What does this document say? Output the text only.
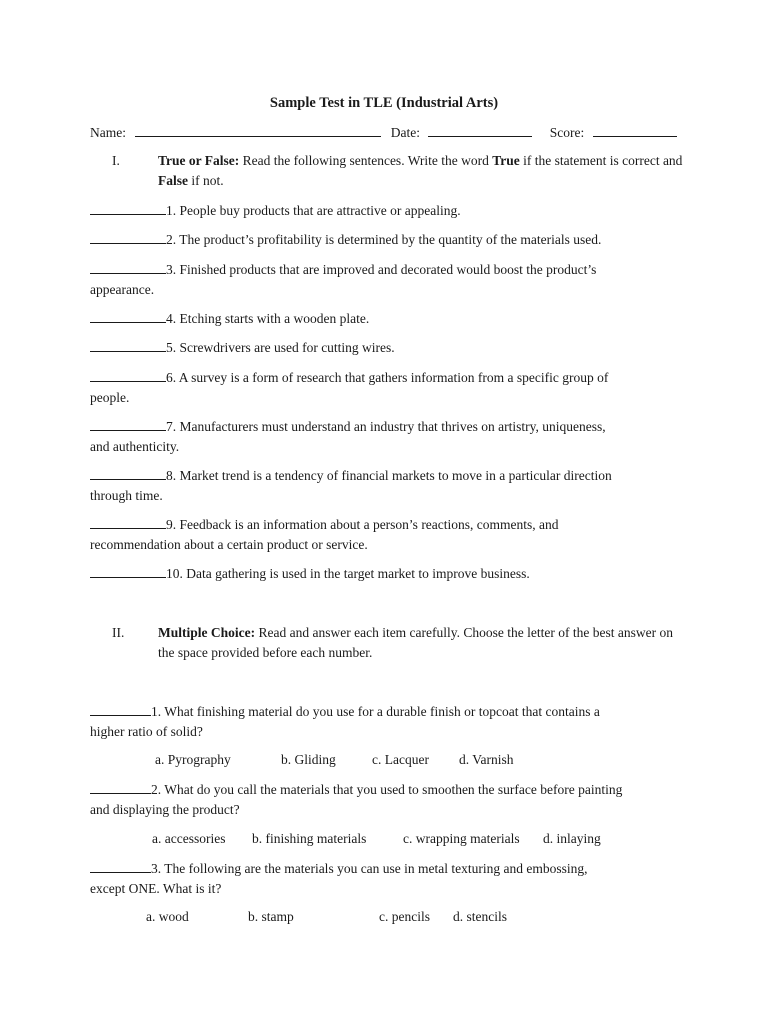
Sample Test in TLE (Industrial Arts)
Name:	Date:	Score:
I.	True or False: Read the following sentences. Write the word True if the statement is correct and False if not.
1. People buy products that are attractive or appealing.
2. The product’s profitability is determined by the quantity of the materials used.
3. Finished products that are improved and decorated would boost the product’s
appearance.
4. Etching starts with a wooden plate.
5. Screwdrivers are used for cutting wires.
6. A survey is a form of research that gathers information from a specific group of
people.
7. Manufacturers must understand an industry that thrives on artistry, uniqueness,
and authenticity.
8. Market trend is a tendency of financial markets to move in a particular direction
through time.
9. Feedback is an information about a person’s reactions, comments, and
recommendation about a certain product or service.
10. Data gathering is used in the target market to improve business.
II. Multiple Choice: Read and answer each item carefully. Choose the letter of the best answer on the space provided before each number.
1. What finishing material do you use for a durable finish or topcoat that contains a
higher ratio of solid?
a. Pyrography	b. Gliding	c. Lacquer d. Varnish
2. What do you call the materials that you used to smoothen the surface before painting
and displaying the product?
a. accessories b. finishing materials	c. wrapping materials d. inlaying
3. The following are the materials you can use in metal texturing and embossing,
except ONE. What is it?
a. wood	b. stamp	c. pencils d. stencils
